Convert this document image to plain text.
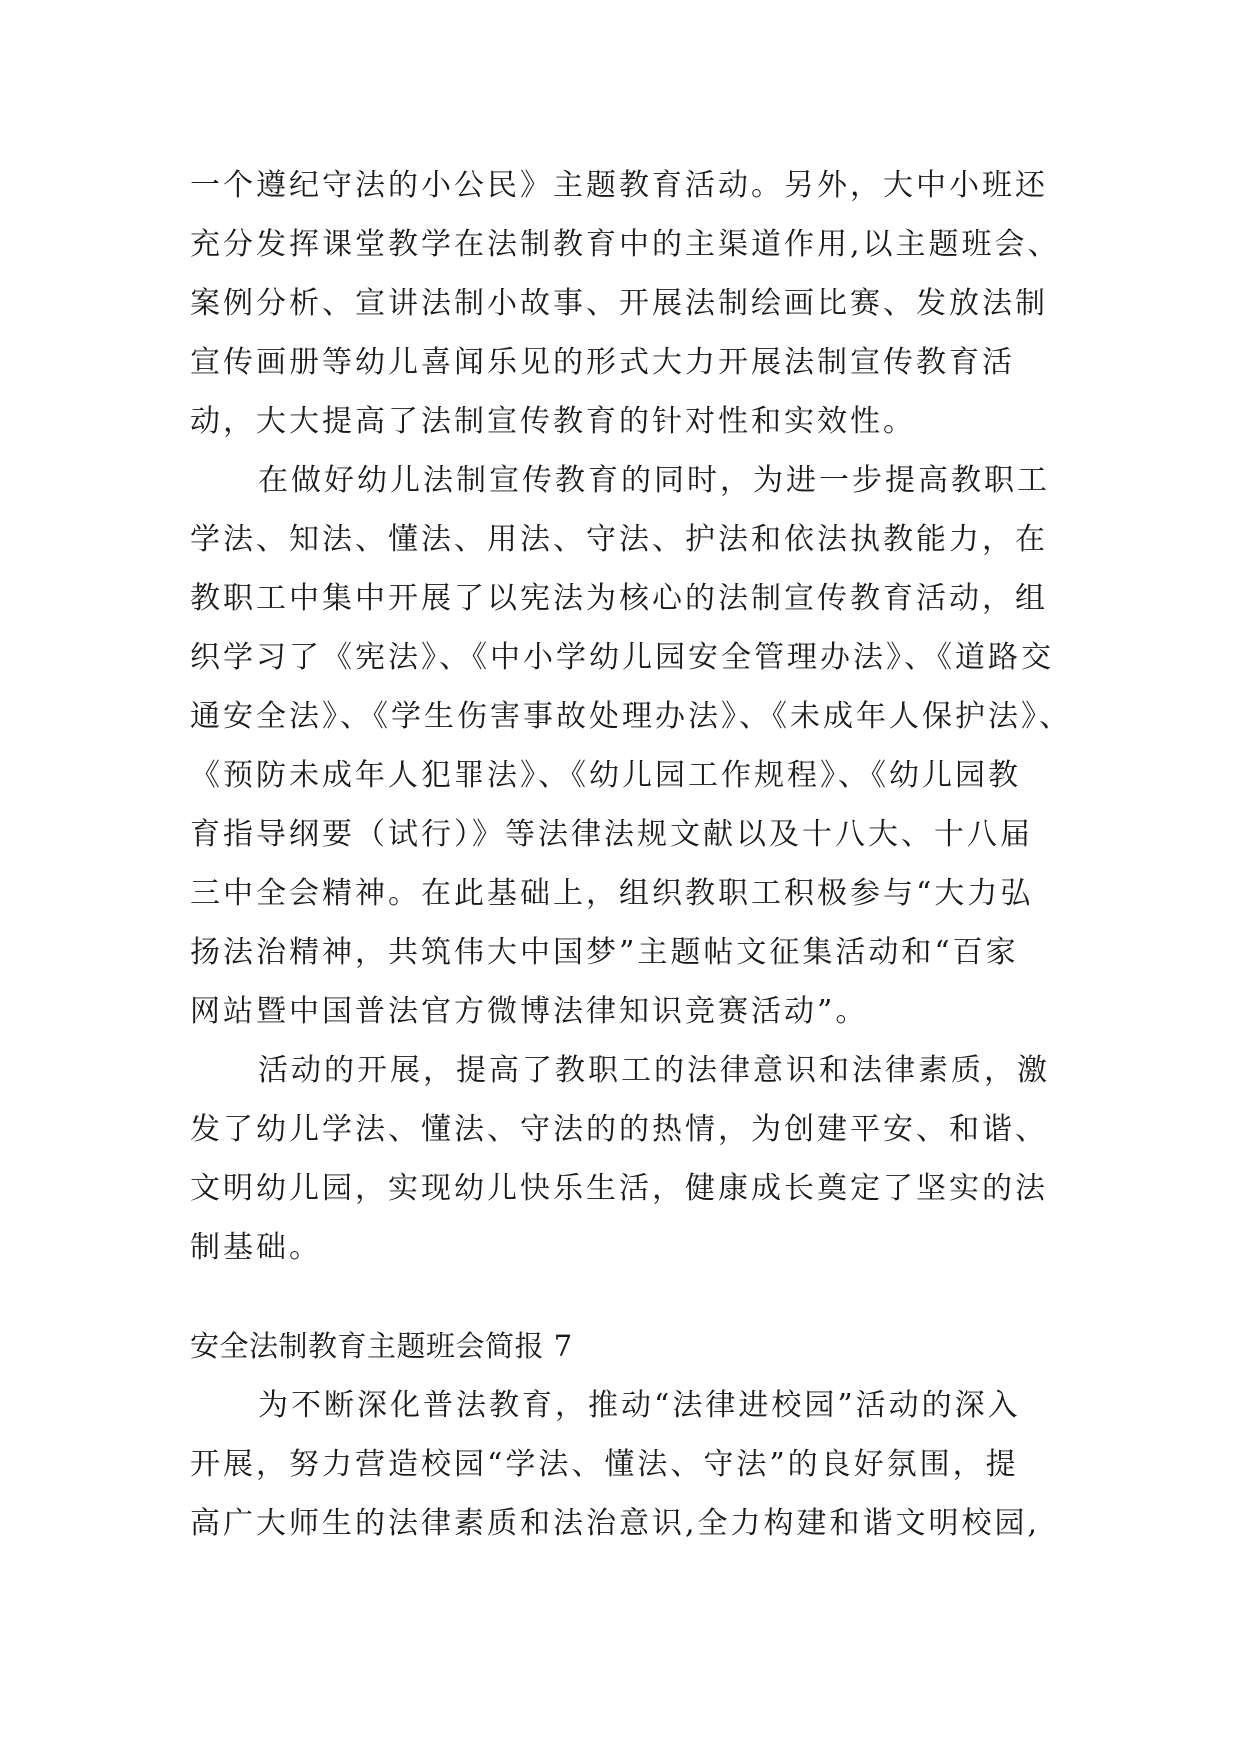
一个遵纪守法的小公民》主题教育活动。另外，大中小班还
充分发挥课堂教学在法制教育中的主渠道作用,以主题班会、
案例分析、宣讲法制小故事、开展法制绘画比赛、发放法制
宣传画册等幼儿喜闻乐见的形式大力开展法制宣传教育活
动，大大提高了法制宣传教育的针对性和实效性。
在做好幼儿法制宣传教育的同时，为进一步提高教职工
学法、知法、懂法、用法、守法、护法和依法执教能力，在
教职工中集中开展了以宪法为核心的法制宣传教育活动，组
织学习了《宪法》、《中小学幼儿园安全管理办法》、《道路交
通安全法》、《学生伤害事故处理办法》、《未成年人保护法》、
《预防未成年人犯罪法》、《幼儿园工作规程》、《幼儿园教
育指导纲要（试行）》等法律法规文献以及十八大、十八届
三中全会精神。在此基础上，组织教职工积极参与“大力弘
扬法治精神，共筑伟大中国梦”主题帖文征集活动和“百家
网站暨中国普法官方微博法律知识竞赛活动”。
活动的开展，提高了教职工的法律意识和法律素质，激
发了幼儿学法、懂法、守法的的热情，为创建平安、和谐、
文明幼儿园，实现幼儿快乐生活，健康成长奠定了坚实的法
制基础。
安全法制教育主题班会简报 7
为不断深化普法教育，推动“法律进校园”活动的深入
开展，努力营造校园“学法、懂法、守法”的良好氛围，提
高广大师生的法律素质和法治意识,全力构建和谐文明校园,
